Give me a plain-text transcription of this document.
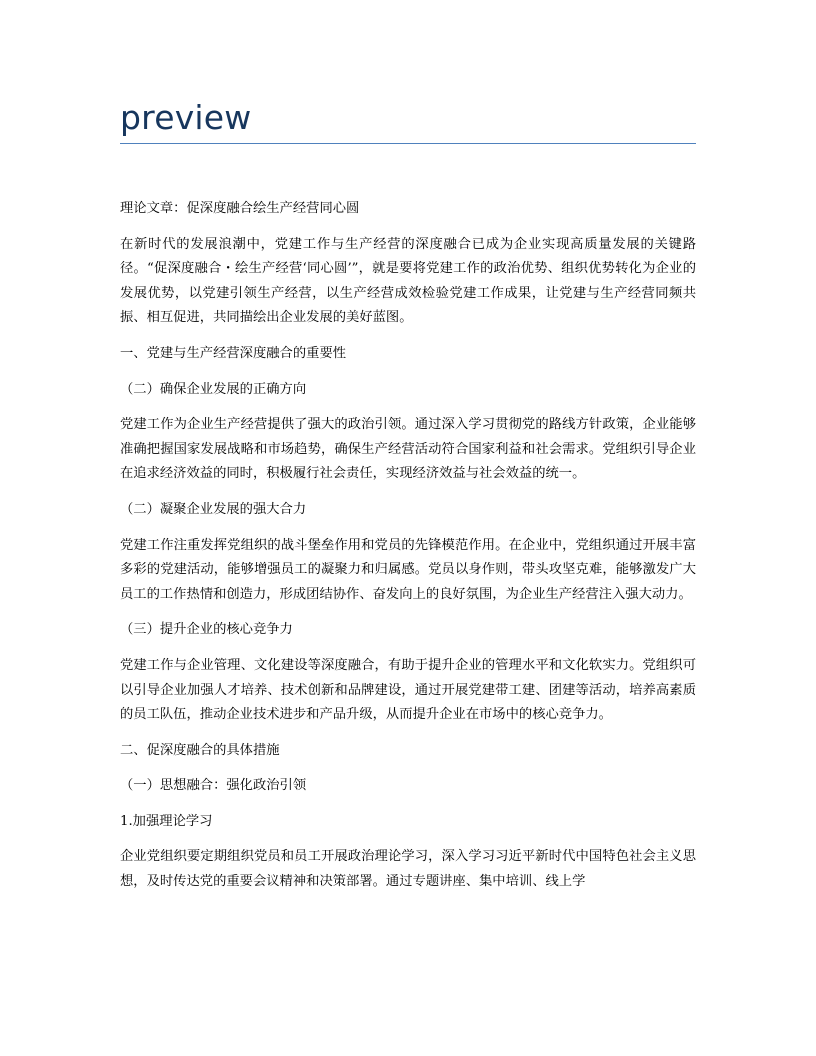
preview

理论文章：促深度融合绘生产经营同心圆

在新时代的发展浪潮中，党建工作与生产经营的深度融合已成为企业实现高质量发展的关键路径。“促深度融合・绘生产经营‘同心圆’”，就是要将党建工作的政治优势、组织优势转化为企业的发展优势，以党建引领生产经营，以生产经营成效检验党建工作成果，让党建与生产经营同频共振、相互促进，共同描绘出企业发展的美好蓝图。

一、党建与生产经营深度融合的重要性

（二）确保企业发展的正确方向

党建工作为企业生产经营提供了强大的政治引领。通过深入学习贯彻党的路线方针政策，企业能够准确把握国家发展战略和市场趋势，确保生产经营活动符合国家利益和社会需求。党组织引导企业在追求经济效益的同时，积极履行社会责任，实现经济效益与社会效益的统一。

（二）凝聚企业发展的强大合力

党建工作注重发挥党组织的战斗堡垒作用和党员的先锋模范作用。在企业中，党组织通过开展丰富多彩的党建活动，能够增强员工的凝聚力和归属感。党员以身作则，带头攻坚克难，能够激发广大员工的工作热情和创造力，形成团结协作、奋发向上的良好氛围，为企业生产经营注入强大动力。

（三）提升企业的核心竞争力

党建工作与企业管理、文化建设等深度融合，有助于提升企业的管理水平和文化软实力。党组织可以引导企业加强人才培养、技术创新和品牌建设，通过开展党建带工建、团建等活动，培养高素质的员工队伍，推动企业技术进步和产品升级，从而提升企业在市场中的核心竞争力。

二、促深度融合的具体措施

（一）思想融合：强化政治引领

1.加强理论学习

企业党组织要定期组织党员和员工开展政治理论学习，深入学习习近平新时代中国特色社会主义思想，及时传达党的重要会议精神和决策部署。通过专题讲座、集中培训、线上学
